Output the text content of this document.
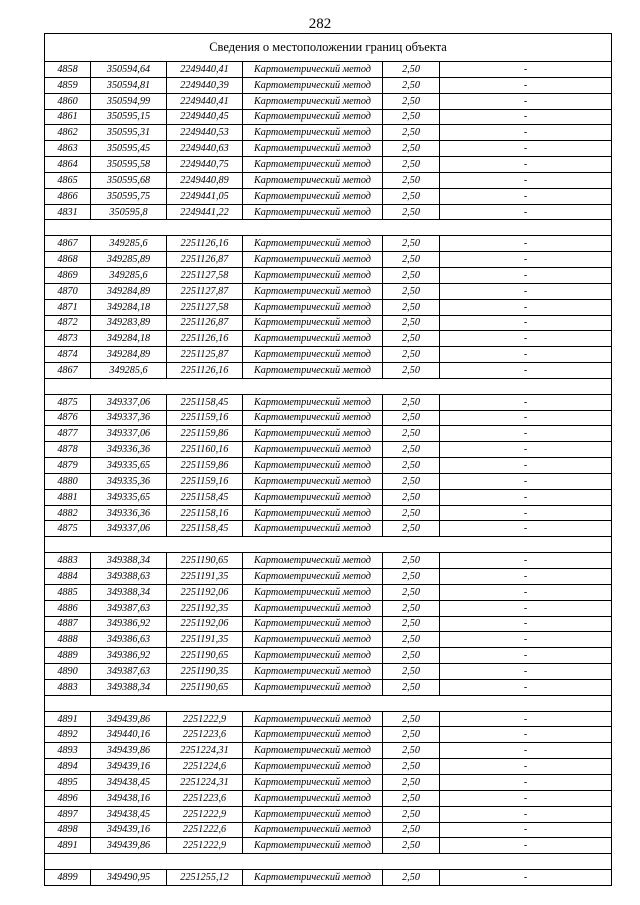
282
Сведения о местоположении границ объекта					
4858	350594,64	2249440,41	Картометрический метод	2,50	-
4859	350594,81	2249440,39	Картометрический метод	2,50	-
4860	350594,99	2249440,41	Картометрический метод	2,50	-
4861	350595,15	2249440,45	Картометрический метод	2,50	-
4862	350595,31	2249440,53	Картометрический метод	2,50	-
4863	350595,45	2249440,63	Картометрический метод	2,50	-
4864	350595,58	2249440,75	Картометрический метод	2,50	-
4865	350595,68	2249440,89	Картометрический метод	2,50	-
4866	350595,75	2249441,05	Картометрический метод	2,50	-
4831	350595,8	2249441,22	Картометрический метод	2,50	-

4867	349285,6	2251126,16	Картометрический метод	2,50	-
4868	349285,89	2251126,87	Картометрический метод	2,50	-
4869	349285,6	2251127,58	Картометрический метод	2,50	-
4870	349284,89	2251127,87	Картометрический метод	2,50	-
4871	349284,18	2251127,58	Картометрический метод	2,50	-
4872	349283,89	2251126,87	Картометрический метод	2,50	-
4873	349284,18	2251126,16	Картометрический метод	2,50	-
4874	349284,89	2251125,87	Картометрический метод	2,50	-
4867	349285,6	2251126,16	Картометрический метод	2,50	-

4875	349337,06	2251158,45	Картометрический метод	2,50	-
4876	349337,36	2251159,16	Картометрический метод	2,50	-
4877	349337,06	2251159,86	Картометрический метод	2,50	-
4878	349336,36	2251160,16	Картометрический метод	2,50	-
4879	349335,65	2251159,86	Картометрический метод	2,50	-
4880	349335,36	2251159,16	Картометрический метод	2,50	-
4881	349335,65	2251158,45	Картометрический метод	2,50	-
4882	349336,36	2251158,16	Картометрический метод	2,50	-
4875	349337,06	2251158,45	Картометрический метод	2,50	-

4883	349388,34	2251190,65	Картометрический метод	2,50	-
4884	349388,63	2251191,35	Картометрический метод	2,50	-
4885	349388,34	2251192,06	Картометрический метод	2,50	-
4886	349387,63	2251192,35	Картометрический метод	2,50	-
4887	349386,92	2251192,06	Картометрический метод	2,50	-
4888	349386,63	2251191,35	Картометрический метод	2,50	-
4889	349386,92	2251190,65	Картометрический метод	2,50	-
4890	349387,63	2251190,35	Картометрический метод	2,50	-
4883	349388,34	2251190,65	Картометрический метод	2,50	-

4891	349439,86	2251222,9	Картометрический метод	2,50	-
4892	349440,16	2251223,6	Картометрический метод	2,50	-
4893	349439,86	2251224,31	Картометрический метод	2,50	-
4894	349439,16	2251224,6	Картометрический метод	2,50	-
4895	349438,45	2251224,31	Картометрический метод	2,50	-
4896	349438,16	2251223,6	Картометрический метод	2,50	-
4897	349438,45	2251222,9	Картометрический метод	2,50	-
4898	349439,16	2251222,6	Картометрический метод	2,50	-
4891	349439,86	2251222,9	Картометрический метод	2,50	-

4899	349490,95	2251255,12	Картометрический метод	2,50	-
